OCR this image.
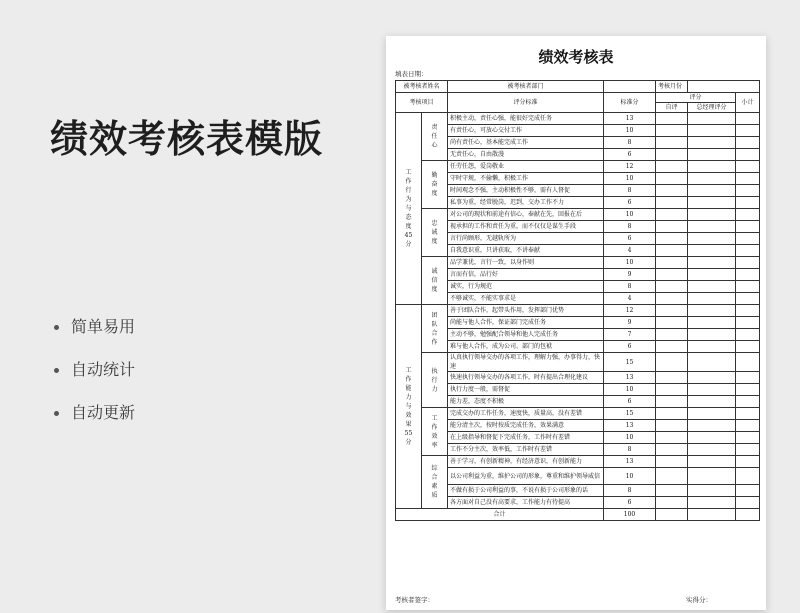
绩效考核表模版
简单易用
自动统计
自动更新
绩效考核表
填表日期：
被考核者姓名		被考核者部门		考核月份		
考核项目		评分标准	标准分	评分		小计
				自评	总经理评分	

工作行为与态度 45分	责任心	积极主动，责任心强，能很好完成任务	13			
		有责任心，可放心交付工作	10			
		尚有责任心，基本能完成工作	8			
		无责任心，自由散漫	6			

	勤奋度	任劳任怨，爱岗敬业	12			
		守时守规，不偷懒，积极工作	10			
		时间观念不强，主动积极性不够，需有人督促	8			
		私事为重，经常脱岗，迟到，交办工作不力	6			

	忠诚度	对公司的现状和前途有信心，奉献在先，回报在后	10			
		视承担的工作和责任为重，而不仅仅是谋生手段	8			
		言行尚顾形，无越轨所为	6			
		自我意识重，只讲获取，不讲奉献	4			

	诚信度	品学兼优，言行一致，以身作则	10			
		言而有信，品行好	9			
		诚实，行为规范	8			
		不够诚实，不能实事求是	4			

工作能力与效果 55分	团队合作	善于团队合作，起带头作用，发挥部门优势	12			
		尚能与他人合作，保证部门完成任务	9			
		主动不够，勉强配合领导和他人完成任务	7			
		难与他人合作，成为公司、部门的包袱	6			

	执行力	认真执行领导交办的各项工作，理解力强，办事得力，快速	15			
		快速执行领导交办的各项工作，时有提出合理化建议	13			
		执行力度一般，需督促	10			
		能力差，态度不积极	6			

	工作效率	完成交办的工作任务，速度快，质量高，没有差错	15			
		能分清主次，按时按质完成任务，效果满意	13			
		在上级指导和督促下完成任务，工作时有差错	10			
		工作不分主次，效率低，工作时有差错	8			

	综合素质	善于学习，有创新精神，有经济意识，有创新能力	13			
		以公司利益为重，维护公司的形象，尊重和维护领导威信	10			
		不做有损于公司利益的事，不说有损于公司形象的话	8			
		各方面对自己没有高要求，工作能力有待提高	6			
合计			100			
考核者签字：	实得分：
